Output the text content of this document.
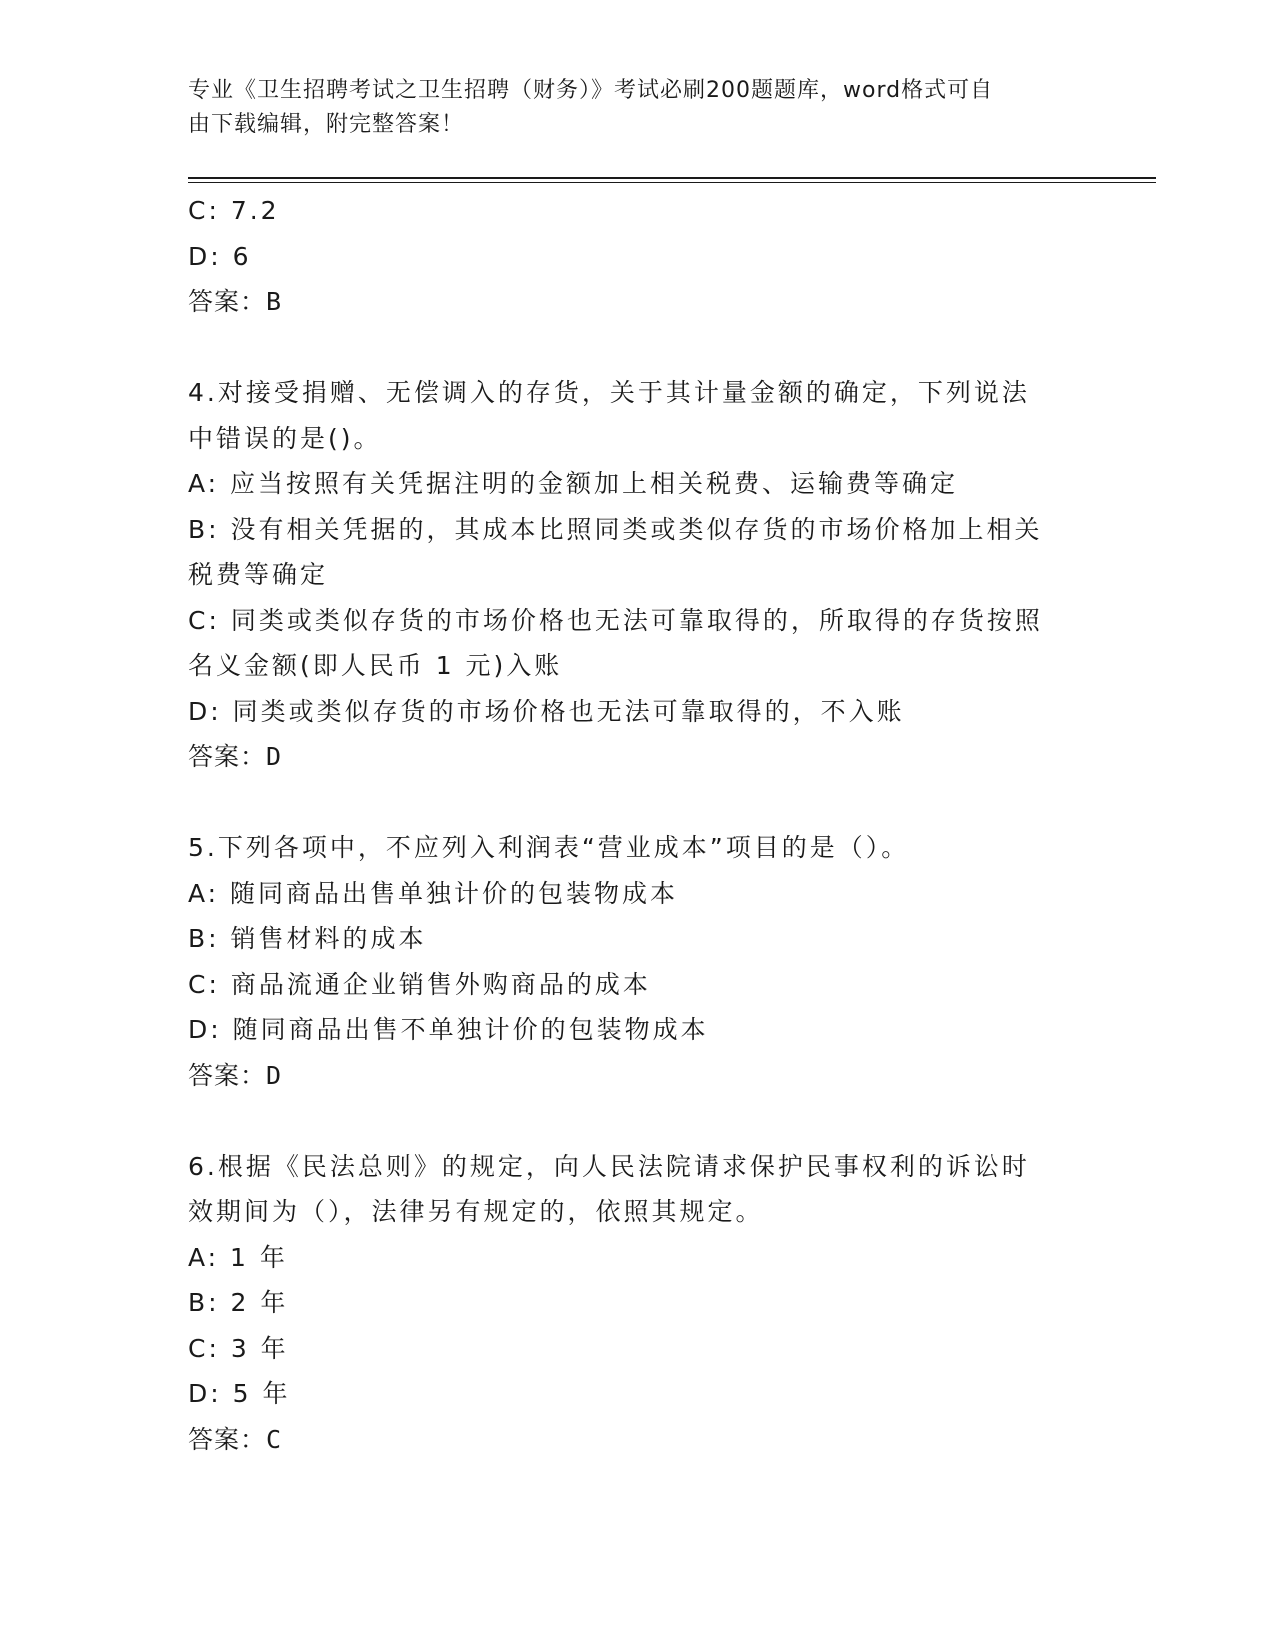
专业《卫生招聘考试之卫生招聘（财务）》考试必刷200题题库，word格式可自
由下载编辑，附完整答案！
C: 7.2
D: 6
答案：B
4.对接受捐赠、无偿调入的存货，关于其计量金额的确定，下列说法
中错误的是()。
A: 应当按照有关凭据注明的金额加上相关税费、运输费等确定
B: 没有相关凭据的，其成本比照同类或类似存货的市场价格加上相关
税费等确定
C: 同类或类似存货的市场价格也无法可靠取得的，所取得的存货按照
名义金额(即人民币 1 元)入账
D: 同类或类似存货的市场价格也无法可靠取得的，不入账
答案：D
5.下列各项中，不应列入利润表“营业成本”项目的是（）。
A: 随同商品出售单独计价的包装物成本
B: 销售材料的成本
C: 商品流通企业销售外购商品的成本
D: 随同商品出售不单独计价的包装物成本
答案：D
6.根据《民法总则》的规定，向人民法院请求保护民事权利的诉讼时
效期间为（），法律另有规定的，依照其规定。
A: 1 年
B: 2 年
C: 3 年
D: 5 年
答案：C
